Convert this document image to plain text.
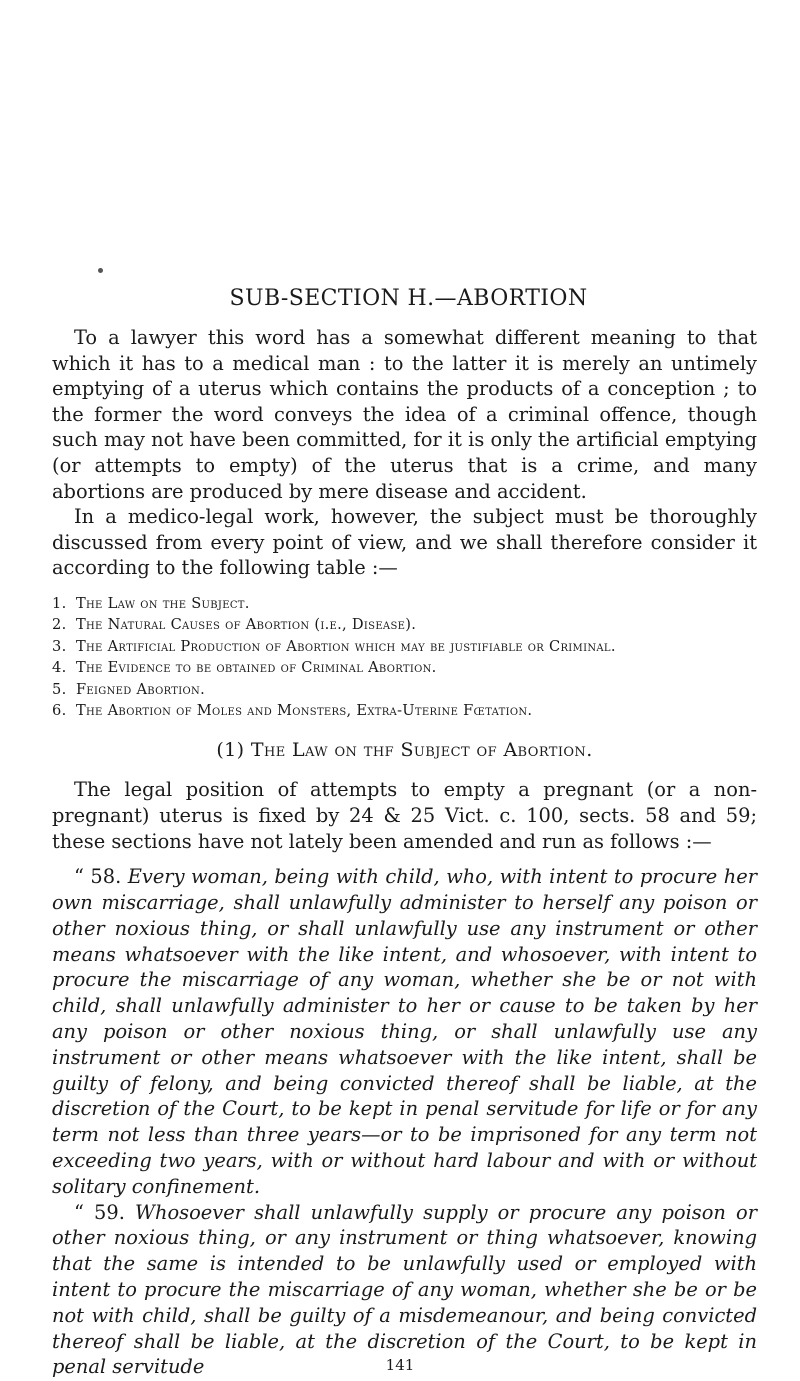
SUB-SECTION H.—ABORTION

To a lawyer this word has a somewhat different meaning to that which it has to a medical man : to the latter it is merely an untimely emptying of a uterus which contains the products of a conception ; to the former the word conveys the idea of a criminal offence, though such may not have been committed, for it is only the artificial emptying (or attempts to empty) of the uterus that is a crime, and many abortions are produced by mere disease and accident.

In a medico-legal work, however, the subject must be thoroughly discussed from every point of view, and we shall therefore consider it according to the following table :—

1. The Law on the Subject.
2. The Natural Causes of Abortion (i.e., Disease).
3. The Artificial Production of Abortion which may be justifiable or Criminal.
4. The Evidence to be obtained of Criminal Abortion.
5. Feigned Abortion.
6. The Abortion of Moles and Monsters, Extra-Uterine Fœtation.
(1) The Law on thf Subject of Abortion.

The legal position of attempts to empty a pregnant (or a non-pregnant) uterus is fixed by 24 & 25 Vict. c. 100, sects. 58 and 59; these sections have not lately been amended and run as follows :—

“ 58. Every woman, being with child, who, with intent to procure her own miscarriage, shall unlawfully administer to herself any poison or other noxious thing, or shall unlawfully use any instrument or other means whatsoever with the like intent, and whosoever, with intent to procure the miscarriage of any woman, whether she be or not with child, shall unlawfully administer to her or cause to be taken by her any poison or other noxious thing, or shall unlawfully use any instrument or other means whatsoever with the like intent, shall be guilty of felony, and being convicted thereof shall be liable, at the discretion of the Court, to be kept in penal servitude for life or for any term not less than three years—or to be imprisoned for any term not exceeding two years, with or without hard labour and with or without solitary confinement.

“ 59. Whosoever shall unlawfully supply or procure any poison or other noxious thing, or any instrument or thing whatsoever, knowing that the same is intended to be unlawfully used or employed with intent to procure the miscarriage of any woman, whether she be or be not with child, shall be guilty of a misdemeanour, and being convicted thereof shall be liable, at the discretion of the Court, to be kept in penal servitude	141
